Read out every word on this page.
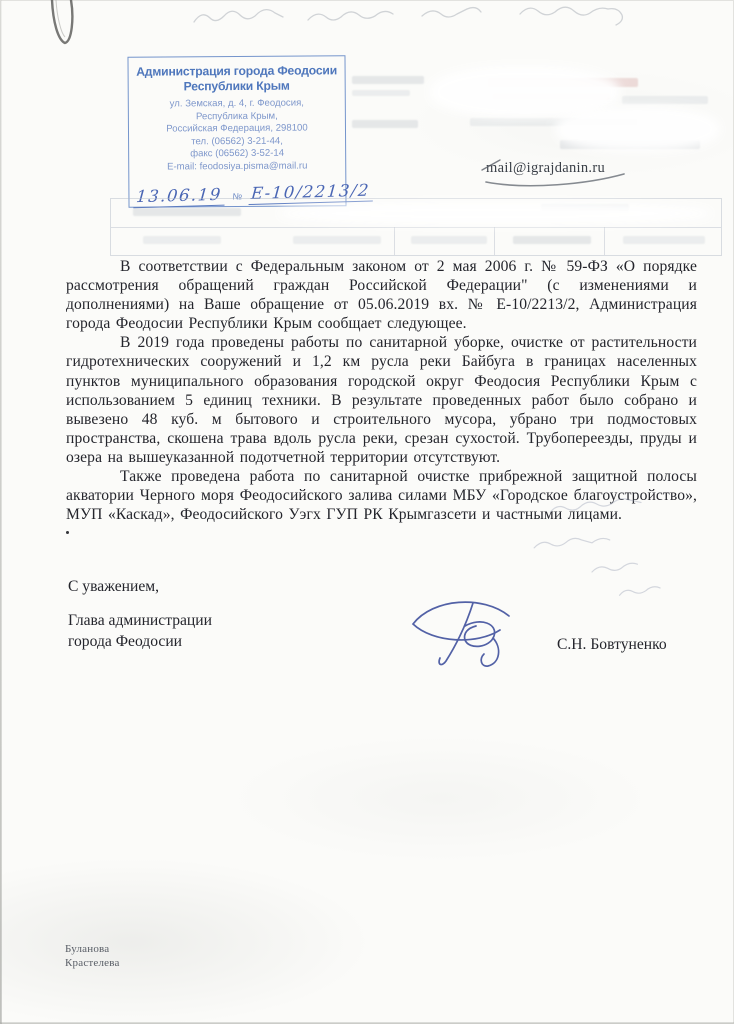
Администрация города Феодосии
Республики Крым
ул. Земская, д. 4, г. Феодосия,
Республика Крым,
Российская Федерация, 298100
тел. (06562) 3-21-44,
факс (06562) 3-52-14
E-mail: feodosiya.pisma@mail.ru
13.06.19 № Е-10/2213/2
mail@igrajdanin.ru

В соответствии с Федеральным законом от 2 мая 2006 г. № 59-ФЗ «О порядке рассмотрения обращений граждан Российской Федерации" (с изменениями и дополнениями) на Ваше обращение от 05.06.2019 вх. № Е-10/2213/2, Администрация города Феодосии Республики Крым сообщает следующее.

В 2019 года проведены работы по санитарной уборке, очистке от растительности гидротехнических сооружений и 1,2 км русла реки Байбуга в границах населенных пунктов муниципального образования городской округ Феодосия Республики Крым с использованием 5 единиц техники. В результате проведенных работ было собрано и вывезено 48 куб. м бытового и строительного мусора, убрано три подмостовых пространства, скошена трава вдоль русла реки, срезан сухостой. Трубопереезды, пруды и озера на вышеуказанной подотчетной территории отсутствуют.

Также проведена работа по санитарной очистке прибрежной защитной полосы акватории Черного моря Феодосийского залива силами МБУ «Городское благоустройство», МУП «Каскад», Феодосийского Уэгх ГУП РК Крымгазсети и частными лицами.

С уважением,
Глава администрации
города Феодосии	С.Н. Бовтуненко
Буланова
Крастелева
